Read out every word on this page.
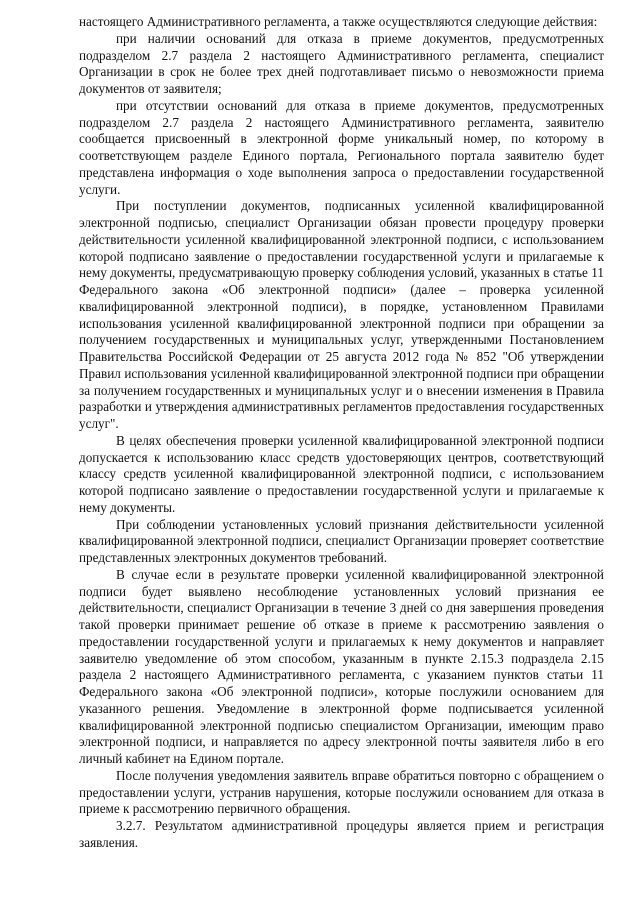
настоящего Административного регламента, а также осуществляются следующие действия:

при наличии оснований для отказа в приеме документов, предусмотренных подразделом 2.7 раздела 2 настоящего Административного регламента, специалист Организации в срок не более трех дней подготавливает письмо о невозможности приема документов от заявителя;

при отсутствии оснований для отказа в приеме документов, предусмотренных подразделом 2.7 раздела 2 настоящего Административного регламента, заявителю сообщается присвоенный в электронной форме уникальный номер, по которому в соответствующем разделе Единого портала, Регионального портала заявителю будет представлена информация о ходе выполнения запроса о предоставлении государственной услуги.

При поступлении документов, подписанных усиленной квалифицированной электронной подписью, специалист Организации обязан провести процедуру проверки действительности усиленной квалифицированной электронной подписи, с использованием которой подписано заявление о предоставлении государственной услуги и прилагаемые к нему документы, предусматривающую проверку соблюдения условий, указанных в статье 11 Федерального закона «Об электронной подписи» (далее – проверка усиленной квалифицированной электронной подписи), в порядке, установленном Правилами использования усиленной квалифицированной электронной подписи при обращении за получением государственных и муниципальных услуг, утвержденными Постановлением Правительства Российской Федерации от 25 августа 2012 года № 852 "Об утверждении Правил использования усиленной квалифицированной электронной подписи при обращении за получением государственных и муниципальных услуг и о внесении изменения в Правила разработки и утверждения административных регламентов предоставления государственных услуг".

В целях обеспечения проверки усиленной квалифицированной электронной подписи допускается к использованию класс средств удостоверяющих центров, соответствующий классу средств усиленной квалифицированной электронной подписи, с использованием которой подписано заявление о предоставлении государственной услуги и прилагаемые к нему документы.

При соблюдении установленных условий признания действительности усиленной квалифицированной электронной подписи, специалист Организации проверяет соответствие представленных электронных документов требований.

В случае если в результате проверки усиленной квалифицированной электронной подписи будет выявлено несоблюдение установленных условий признания ее действительности, специалист Организации в течение 3 дней со дня завершения проведения такой проверки принимает решение об отказе в приеме к рассмотрению заявления о предоставлении государственной услуги и прилагаемых к нему документов и направляет заявителю уведомление об этом способом, указанным в пункте 2.15.3 подраздела 2.15 раздела 2 настоящего Административного регламента, с указанием пунктов статьи 11 Федерального закона «Об электронной подписи», которые послужили основанием для указанного решения. Уведомление в электронной форме подписывается усиленной квалифицированной электронной подписью специалистом Организации, имеющим право электронной подписи, и направляется по адресу электронной почты заявителя либо в его личный кабинет на Едином портале.

После получения уведомления заявитель вправе обратиться повторно с обращением о предоставлении услуги, устранив нарушения, которые послужили основанием для отказа в приеме к рассмотрению первичного обращения.

3.2.7. Результатом административной процедуры является прием и регистрация заявления.
